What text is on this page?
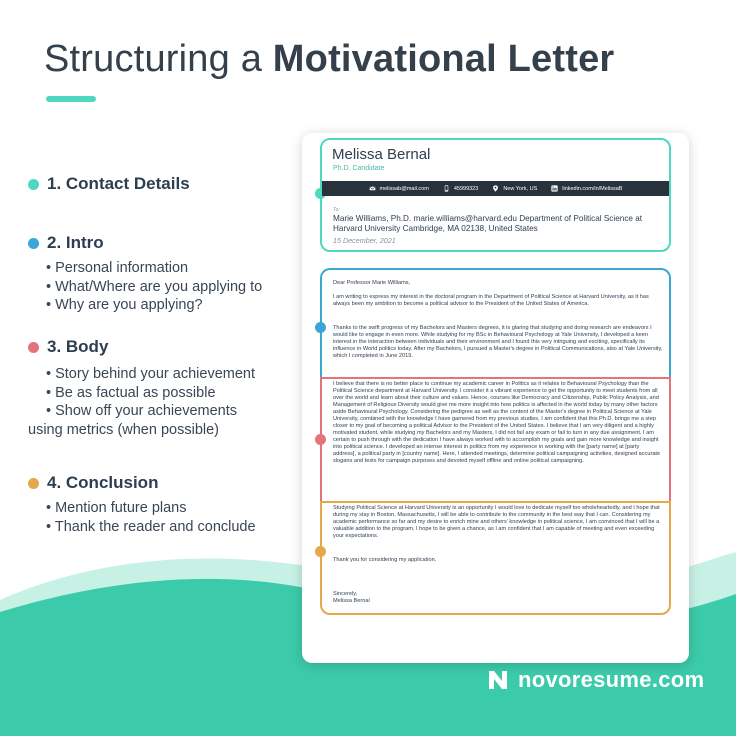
Structuring a Motivational Letter
1. Contact Details
2. Intro
• Personal information
• What/Where are you applying to
• Why are you applying?
3. Body
• Story behind your achievement
• Be as factual as possible
• Show off your achievements
using metrics (when possible)
4. Conclusion
• Mention future plans
• Thank the reader and conclude
Melissa Bernal
Ph.D. Candidate
melissab@mail.com	45999323	New York, US	linkedin.com/in/MelissaB
To:
Marie Williams, Ph.D. marie.williams@harvard.edu Department of Political Science at Harvard University Cambridge, MA 02138, United States
15 December, 2021
Dear Professor Marie Williams,
I am writing to express my interest in the doctoral program in the Department of Political Science at Harvard University, as it has always been my ambition to become a political advisor to the President of the United States of America.
Thanks to the swift progress of my Bachelors and Masters degrees, it is glaring that studying and doing research are endeavors I would like to engage in even more. While studying for my BSc in Behavioural Psychology at Yale University, I developed a keen interest in the interaction between individuals and their environment and I found this very intriguing and exciting, specifically its influence in World politics today. After my Bachelors, I pursued a Master's degree in Political Communications, also at Yale University, which I completed in June 2019.
I believe that there is no better place to continue my academic career in Politics as it relates to Behavioural Psychology than the Political Science department at Harvard University. I consider it a vibrant experience to get the opportunity to meet students from all over the world and learn about their culture and values. Hence, courses like Democracy and Citizenship, Public Policy Analysis, and Management of Religious Diversity would give me more insight into how politics is affected in the world today by many other factors aside Behavioural Psychology. Considering the pedigree as well as the content of the Master's degree in Political Science at Yale University, combined with the knowledge I have garnered from my previous studies, I am confident that this Ph.D. brings me a step closer to my goal of becoming a political Advisor to the President of the United States. I believe that I am very diligent and a highly motivated student, while studying my Bachelors and my Masters, I did not fail any exam or fail to turn in any due assignment. I am certain to push through with the dedication I have always worked with to accomplish my goals and gain more knowledge and insight into political science. I developed an intense interest in politics from my experience in working with the [party name] at [party address], a political party in [country name]. Here, I attended meetings, determine political campaigning activities, designed accurate slogans and texts for campaign purposes and devoted myself offline and online political campaigning.
Studying Political Science at Harvard University is an opportunity I would love to dedicate myself too wholeheartedly, and I hope that during my stay in Boston, Massachusetts, I will be able to contribute to the community in the best way that I can. Considering my academic performance so far and my desire to enrich mine and others' knowledge in political science, I am convinced that I will be a valuable addition to the program. I hope to be given a chance, as I am confident that I am capable of meeting and even exceeding your expectations.
Thank you for considering my application.
Sincerely,
Melissa Bernal
novoresume.com
